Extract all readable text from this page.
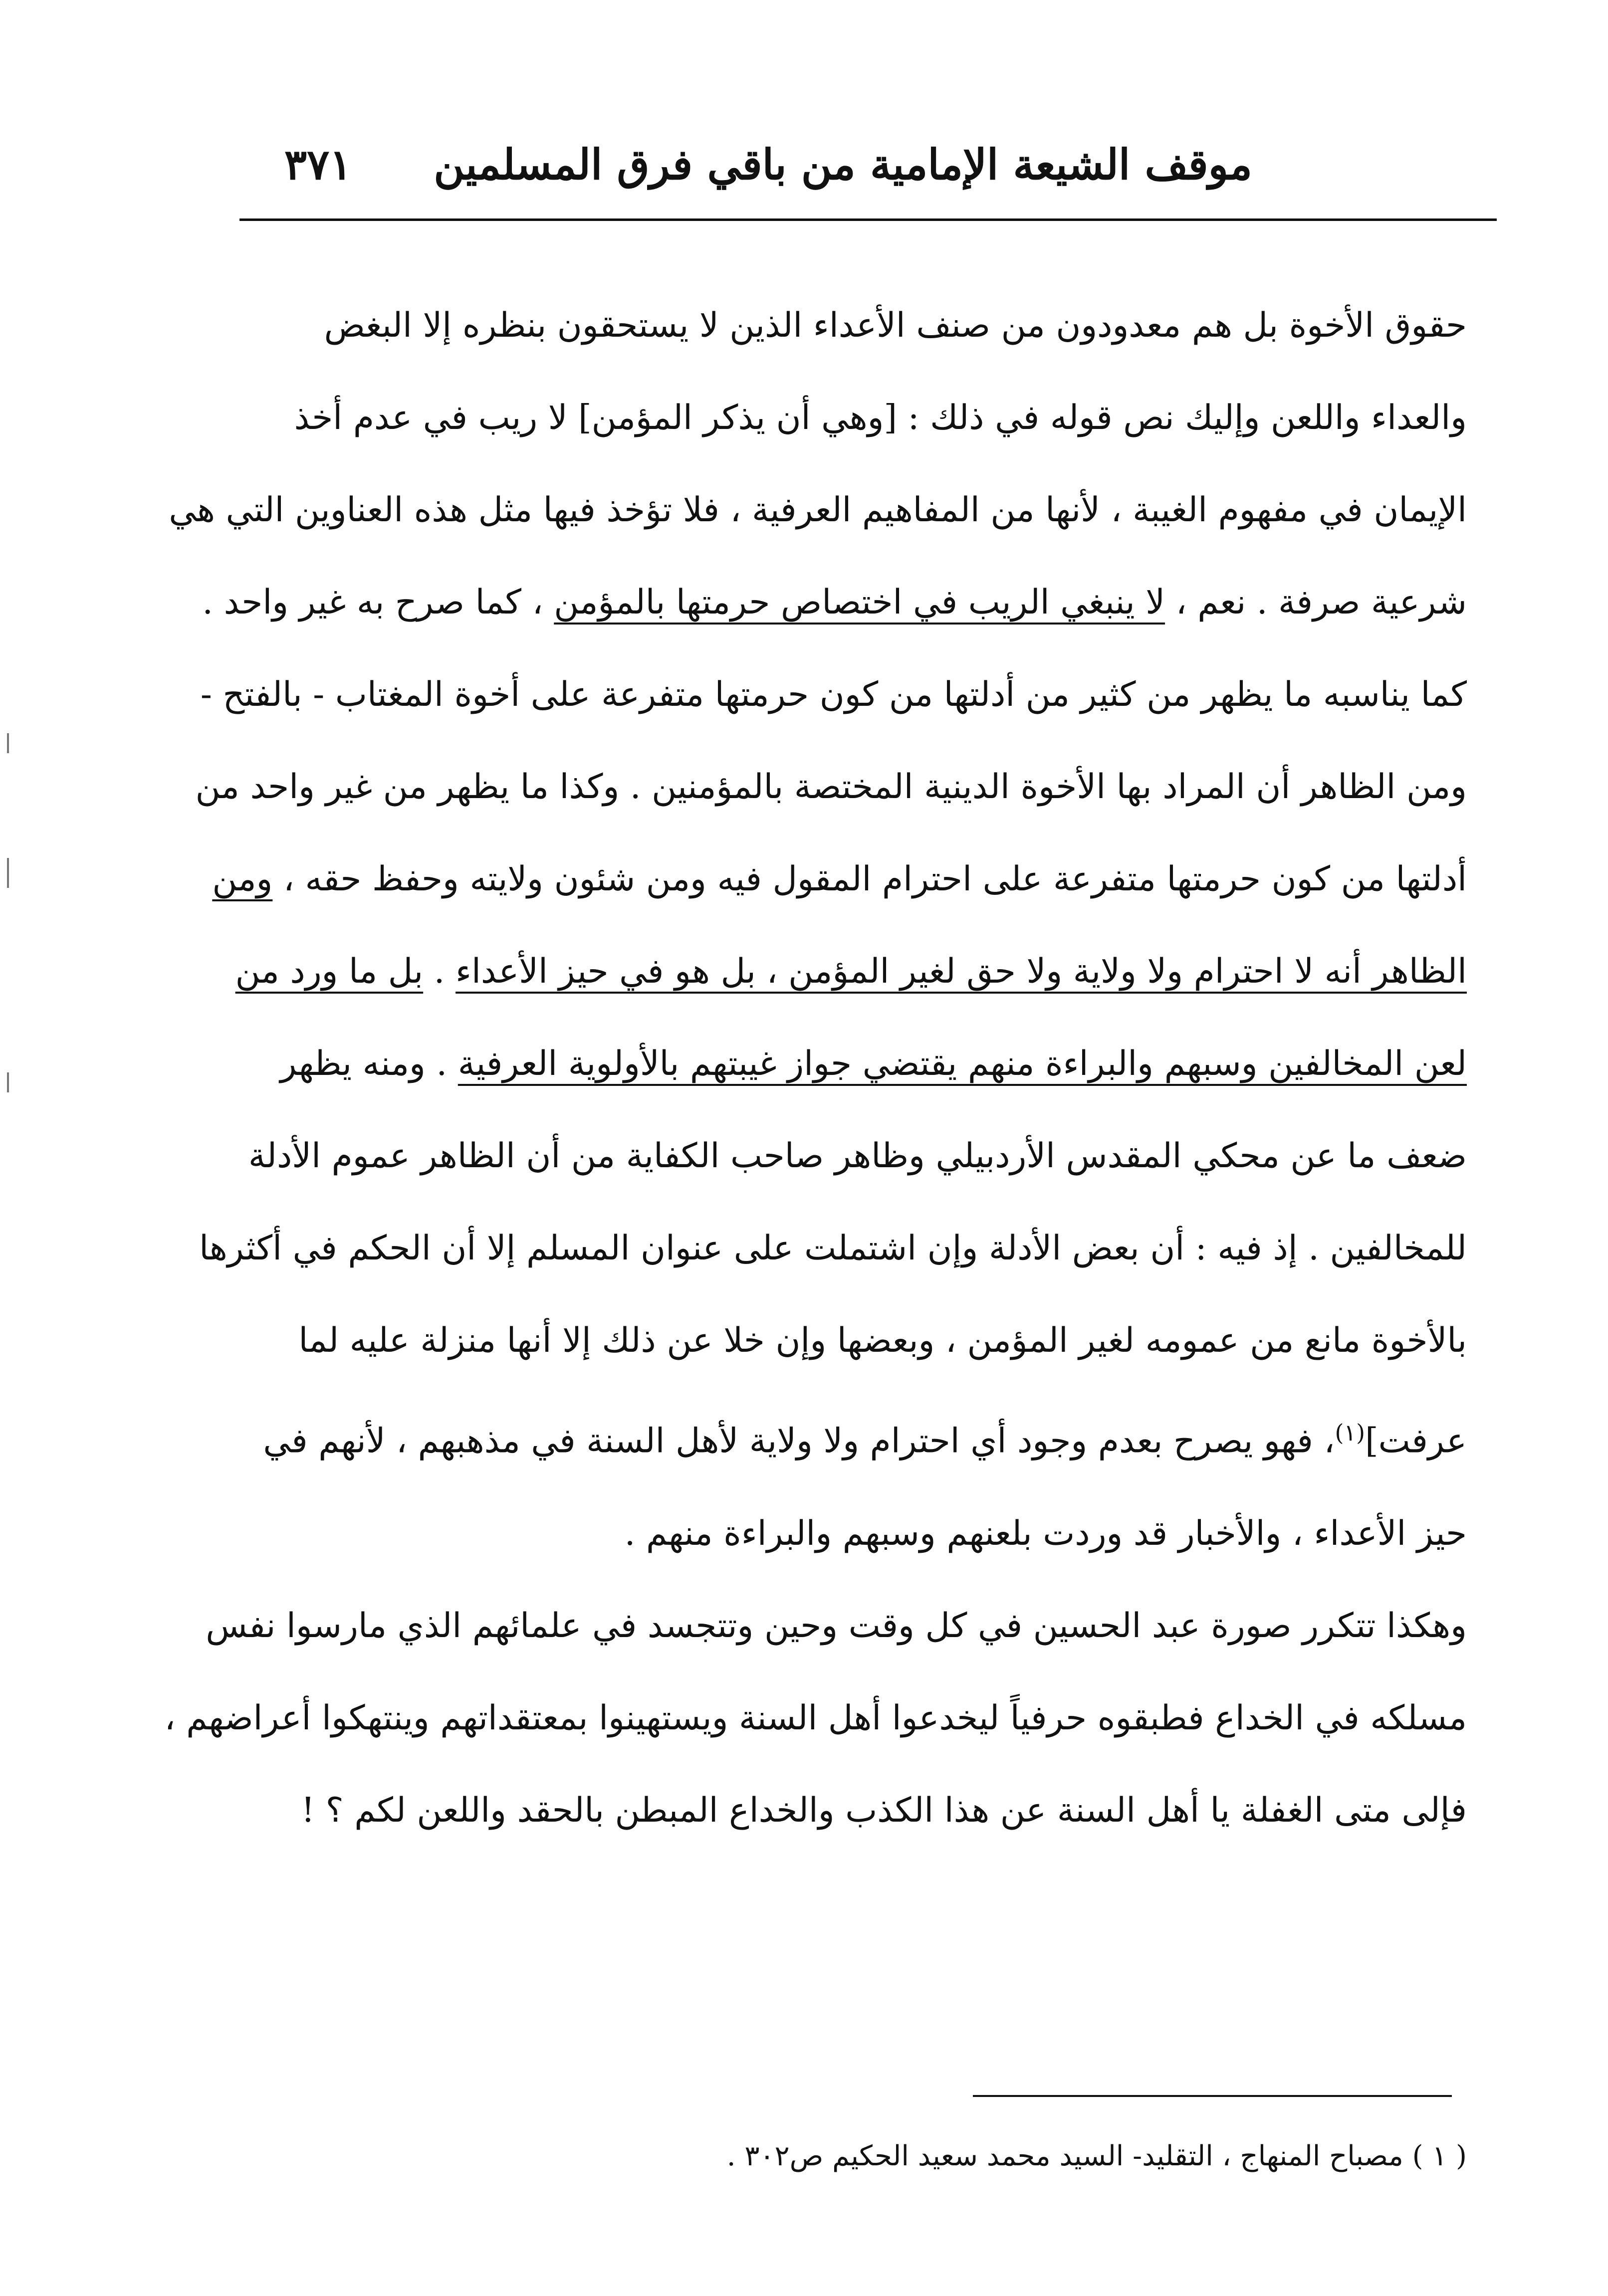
موقف الشيعة الإمامية من باقي فرق المسلمين
٣٧١
حقوق الأخوة بل هم معدودون من صنف الأعداء الذين لا يستحقون بنظره إلا البغض
والعداء واللعن وإليك نص قوله في ذلك : [وهي أن يذكر المؤمن] لا ريب في عدم أخذ
الإيمان في مفهوم الغيبة ، لأنها من المفاهيم العرفية ، فلا تؤخذ فيها مثل هذه العناوين التي هي
شرعية صرفة . نعم ، لا ينبغي الريب في اختصاص حرمتها بالمؤمن ، كما صرح به غير واحد .
كما يناسبه ما يظهر من كثير من أدلتها من كون حرمتها متفرعة على أخوة المغتاب - بالفتح -
ومن الظاهر أن المراد بها الأخوة الدينية المختصة بالمؤمنين . وكذا ما يظهر من غير واحد من
أدلتها من كون حرمتها متفرعة على احترام المقول فيه ومن شئون ولايته وحفظ حقه ، ومن
الظاهر أنه لا احترام ولا ولاية ولا حق لغير المؤمن ، بل هو في حيز الأعداء . بل ما ورد من
لعن المخالفين وسبهم والبراءة منهم يقتضي جواز غيبتهم بالأولوية العرفية . ومنه يظهر
ضعف ما عن محكي المقدس الأردبيلي وظاهر صاحب الكفاية من أن الظاهر عموم الأدلة
للمخالفين . إذ فيه : أن بعض الأدلة وإن اشتملت على عنوان المسلم إلا أن الحكم في أكثرها
بالأخوة مانع من عمومه لغير المؤمن ، وبعضها وإن خلا عن ذلك إلا أنها منزلة عليه لما
عرفت]$^{(١)}$، فهو يصرح بعدم وجود أي احترام ولا ولاية لأهل السنة في مذهبهم ، لأنهم في
حيز الأعداء ، والأخبار قد وردت بلعنهم وسبهم والبراءة منهم .
وهكذا تتكرر صورة عبد الحسين في كل وقت وحين وتتجسد في علمائهم الذي مارسوا نفس
مسلكه في الخداع فطبقوه حرفياً ليخدعوا أهل السنة ويستهينوا بمعتقداتهم وينتهكوا أعراضهم ،
فإلى متى الغفلة يا أهل السنة عن هذا الكذب والخداع المبطن بالحقد واللعن لكم ؟ !
( ١ ) مصباح المنهاج ، التقليد- السيد محمد سعيد الحكيم ص٣٠٢ .
